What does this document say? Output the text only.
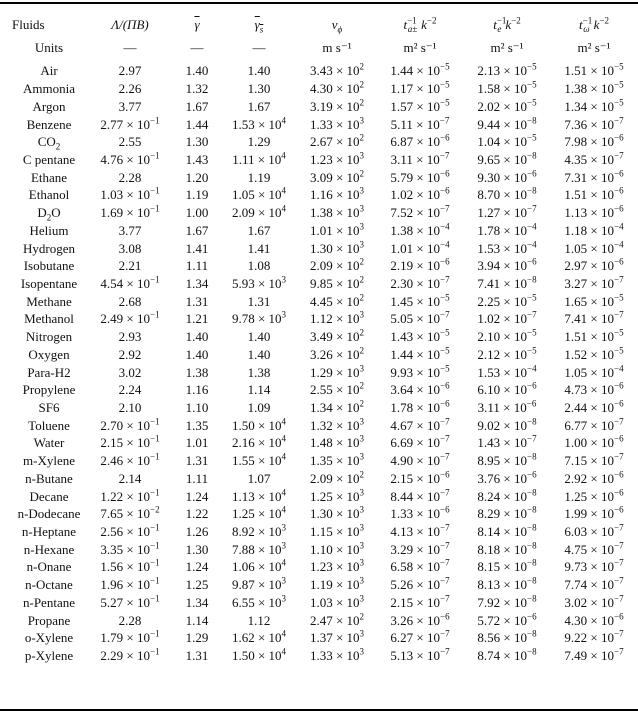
Fluids	Λ/(ΠB)	$\overline{\gamma}$	$\gamma_s$	$v_\phi$	$t^{-1}_{a\pm}$ $k^{-2}$	$t^{-1}_e$ $k^{-2}$	$t^{-1}_\omega$ $k^{-2}$
Units	—	—	—	m s⁻¹	m² s⁻¹	m² s⁻¹	m² s⁻¹

Air	2.97	1.40	1.40	$3.43 \times 10^2$	$1.44 \times 10^{-5}$	$2.13 \times 10^{-5}$	$1.51 \times 10^{-5}$
Ammonia	2.26	1.32	1.30	$4.30 \times 10^2$	$1.17 \times 10^{-5}$	$1.58 \times 10^{-5}$	$1.38 \times 10^{-5}$
Argon	3.77	1.67	1.67	$3.19 \times 10^2$	$1.57 \times 10^{-5}$	$2.02 \times 10^{-5}$	$1.34 \times 10^{-5}$
Benzene	$2.77 \times 10^{-1}$	1.44	$1.53 \times 10^4$	$1.33 \times 10^3$	$5.11 \times 10^{-7}$	$9.44 \times 10^{-8}$	$7.36 \times 10^{-7}$
$CO_2$	2.55	1.30	1.29	$2.67 \times 10^2$	$6.87 \times 10^{-6}$	$1.04 \times 10^{-5}$	$7.98 \times 10^{-6}$
C pentane	$4.76 \times 10^{-1}$	1.43	$1.11 \times 10^4$	$1.23 \times 10^3$	$3.11 \times 10^{-7}$	$9.65 \times 10^{-8}$	$4.35 \times 10^{-7}$
Ethane	2.28	1.20	1.19	$3.09 \times 10^2$	$5.79 \times 10^{-6}$	$9.30 \times 10^{-6}$	$7.31 \times 10^{-6}$
Ethanol	$1.03 \times 10^{-1}$	1.19	$1.05 \times 10^4$	$1.16 \times 10^3$	$1.02 \times 10^{-6}$	$8.70 \times 10^{-8}$	$1.51 \times 10^{-6}$
$D_2O$	$1.69 \times 10^{-1}$	1.00	$2.09 \times 10^4$	$1.38 \times 10^3$	$7.52 \times 10^{-7}$	$1.27 \times 10^{-7}$	$1.13 \times 10^{-6}$
Helium	3.77	1.67	1.67	$1.01 \times 10^3$	$1.38 \times 10^{-4}$	$1.78 \times 10^{-4}$	$1.18 \times 10^{-4}$
Hydrogen	3.08	1.41	1.41	$1.30 \times 10^3$	$1.01 \times 10^{-4}$	$1.53 \times 10^{-4}$	$1.05 \times 10^{-4}$
Isobutane	2.21	1.11	1.08	$2.09 \times 10^2$	$2.19 \times 10^{-6}$	$3.94 \times 10^{-6}$	$2.97 \times 10^{-6}$
Isopentane	$4.54 \times 10^{-1}$	1.34	$5.93 \times 10^3$	$9.85 \times 10^2$	$2.30 \times 10^{-7}$	$7.41 \times 10^{-8}$	$3.27 \times 10^{-7}$
Methane	2.68	1.31	1.31	$4.45 \times 10^2$	$1.45 \times 10^{-5}$	$2.25 \times 10^{-5}$	$1.65 \times 10^{-5}$
Methanol	$2.49 \times 10^{-1}$	1.21	$9.78 \times 10^3$	$1.12 \times 10^3$	$5.05 \times 10^{-7}$	$1.02 \times 10^{-7}$	$7.41 \times 10^{-7}$
Nitrogen	2.93	1.40	1.40	$3.49 \times 10^2$	$1.43 \times 10^{-5}$	$2.10 \times 10^{-5}$	$1.51 \times 10^{-5}$
Oxygen	2.92	1.40	1.40	$3.26 \times 10^2$	$1.44 \times 10^{-5}$	$2.12 \times 10^{-5}$	$1.52 \times 10^{-5}$
Para-H2	3.02	1.38	1.38	$1.29 \times 10^3$	$9.93 \times 10^{-5}$	$1.53 \times 10^{-4}$	$1.05 \times 10^{-4}$
Propylene	2.24	1.16	1.14	$2.55 \times 10^2$	$3.64 \times 10^{-6}$	$6.10 \times 10^{-6}$	$4.73 \times 10^{-6}$
SF6	2.10	1.10	1.09	$1.34 \times 10^2$	$1.78 \times 10^{-6}$	$3.11 \times 10^{-6}$	$2.44 \times 10^{-6}$
Toluene	$2.70 \times 10^{-1}$	1.35	$1.50 \times 10^4$	$1.32 \times 10^3$	$4.67 \times 10^{-7}$	$9.02 \times 10^{-8}$	$6.77 \times 10^{-7}$
Water	$2.15 \times 10^{-1}$	1.01	$2.16 \times 10^4$	$1.48 \times 10^3$	$6.69 \times 10^{-7}$	$1.43 \times 10^{-7}$	$1.00 \times 10^{-6}$
m-Xylene	$2.46 \times 10^{-1}$	1.31	$1.55 \times 10^4$	$1.35 \times 10^3$	$4.90 \times 10^{-7}$	$8.95 \times 10^{-8}$	$7.15 \times 10^{-7}$
n-Butane	2.14	1.11	1.07	$2.09 \times 10^2$	$2.15 \times 10^{-6}$	$3.76 \times 10^{-6}$	$2.92 \times 10^{-6}$
Decane	$1.22 \times 10^{-1}$	1.24	$1.13 \times 10^4$	$1.25 \times 10^3$	$8.44 \times 10^{-7}$	$8.24 \times 10^{-8}$	$1.25 \times 10^{-6}$
n-Dodecane	$7.65 \times 10^{-2}$	1.22	$1.25 \times 10^4$	$1.30 \times 10^3$	$1.33 \times 10^{-6}$	$8.29 \times 10^{-8}$	$1.99 \times 10^{-6}$
n-Heptane	$2.56 \times 10^{-1}$	1.26	$8.92 \times 10^3$	$1.15 \times 10^3$	$4.13 \times 10^{-7}$	$8.14 \times 10^{-8}$	$6.03 \times 10^{-7}$
n-Hexane	$3.35 \times 10^{-1}$	1.30	$7.88 \times 10^3$	$1.10 \times 10^3$	$3.29 \times 10^{-7}$	$8.18 \times 10^{-8}$	$4.75 \times 10^{-7}$
n-Onane	$1.56 \times 10^{-1}$	1.24	$1.06 \times 10^4$	$1.23 \times 10^3$	$6.58 \times 10^{-7}$	$8.15 \times 10^{-8}$	$9.73 \times 10^{-7}$
n-Octane	$1.96 \times 10^{-1}$	1.25	$9.87 \times 10^3$	$1.19 \times 10^3$	$5.26 \times 10^{-7}$	$8.13 \times 10^{-8}$	$7.74 \times 10^{-7}$
n-Pentane	$5.27 \times 10^{-1}$	1.34	$6.55 \times 10^3$	$1.03 \times 10^3$	$2.15 \times 10^{-7}$	$7.92 \times 10^{-8}$	$3.02 \times 10^{-7}$
Propane	2.28	1.14	1.12	$2.47 \times 10^2$	$3.26 \times 10^{-6}$	$5.72 \times 10^{-6}$	$4.30 \times 10^{-6}$
o-Xylene	$1.79 \times 10^{-1}$	1.29	$1.62 \times 10^4$	$1.37 \times 10^3$	$6.27 \times 10^{-7}$	$8.56 \times 10^{-8}$	$9.22 \times 10^{-7}$
p-Xylene	$2.29 \times 10^{-1}$	1.31	$1.50 \times 10^4$	$1.33 \times 10^3$	$5.13 \times 10^{-7}$	$8.74 \times 10^{-8}$	$7.49 \times 10^{-7}$
